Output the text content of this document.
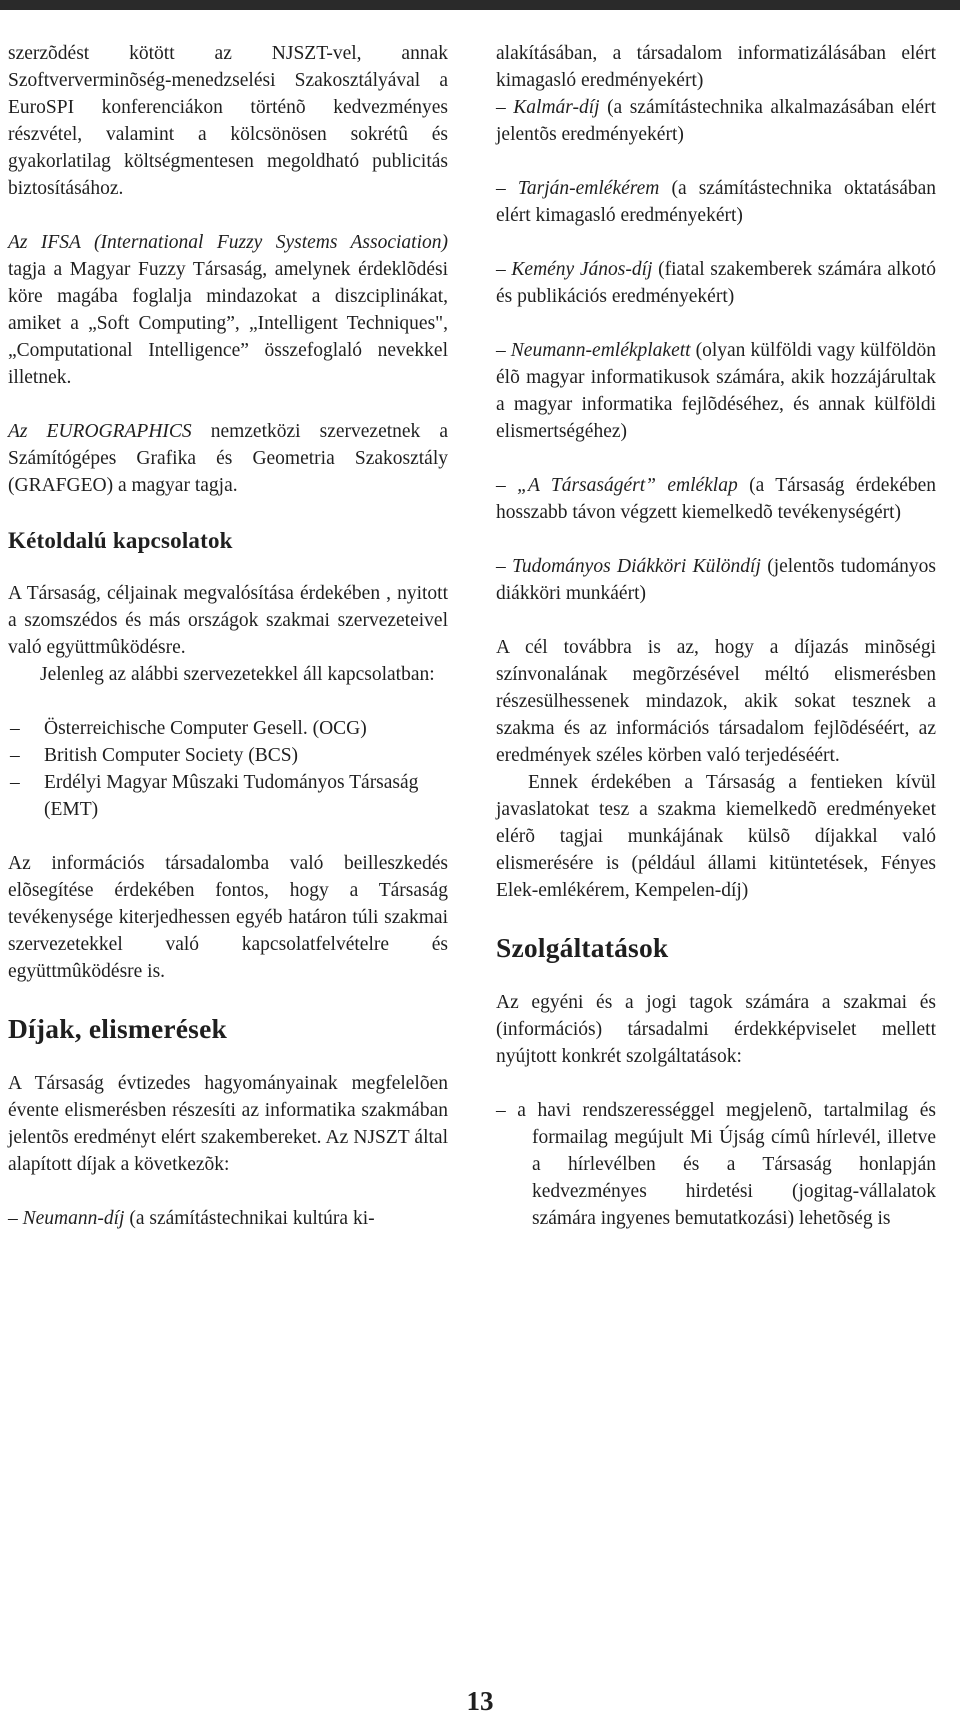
szerzõdést kötött az NJSZT-vel, annak Szoftververminõség-menedzselési Szakosztályával a EuroSPI konferenciákon történõ kedvezményes részvétel, valamint a kölcsönösen sokrétû és gyakorlatilag költségmentesen megoldható publicitás biztosításához.

Az IFSA (International Fuzzy Systems Association) tagja a Magyar Fuzzy Társaság, amelynek érdeklõdési köre magába foglalja mindazokat a diszciplinákat, amiket a „Soft Computing”, „Intelligent Techniques", „Computational Intelligence” összefoglaló nevekkel illetnek.

Az EUROGRAPHICS nemzetközi szervezetnek a Számítógépes Grafika és Geometria Szakosztály (GRAFGEO) a magyar tagja.

Kétoldalú kapcsolatok

A Társaság, céljainak megvalósítása érdekében , nyitott a szomszédos és más országok szakmai szervezeteivel való együttmûködésre.

Jelenleg az alábbi szervezetekkel áll kapcsolatban:

– Österreichische Computer Gesell. (OCG)
– British Computer Society (BCS)
– Erdélyi Magyar Mûszaki Tudományos Társaság (EMT)

Az információs társadalomba való beilleszkedés elõsegítése érdekében fontos, hogy a Társaság tevékenysége kiterjedhessen egyéb határon túli szakmai szervezetekkel való kapcsolatfelvételre és együttmûködésre is.

Díjak, elismerések

A Társaság évtizedes hagyományainak megfelelõen évente elismerésben részesíti az informatika szakmában jelentõs eredményt elért szakembereket. Az NJSZT által alapított díjak a következõk:

– Neumann-díj (a számítástechnikai kultúra ki-

alakításában, a társadalom informatizálásában elért kimagasló eredményekért)

– Kalmár-díj (a számítástechnika alkalmazásában elért jelentõs eredményekért)

– Tarján-emlékérem (a számítástechnika oktatásában elért kimagasló eredményekért)

– Kemény János-díj (fiatal szakemberek számára alkotó és publikációs eredményekért)

– Neumann-emlékplakett (olyan külföldi vagy külföldön élõ magyar informatikusok számára, akik hozzájárultak a magyar informatika fejlõdéséhez, és annak külföldi elismertségéhez)

– „A Társaságért” emléklap (a Társaság érdekében hosszabb távon végzett kiemelkedõ tevékenységért)

– Tudományos Diákköri Különdíj (jelentõs tudományos diákköri munkáért)

A cél továbbra is az, hogy a díjazás minõségi színvonalának megõrzésével méltó elismerésben részesülhessenek mindazok, akik sokat tesznek a szakma és az információs társadalom fejlõdéséért, az eredmények széles körben való terjedéséért.

Ennek érdekében a Társaság a fentieken kívül javaslatokat tesz a szakma kiemelkedõ eredményeket elérõ tagjai munkájának külsõ díjakkal való elismerésére is (például állami kitüntetések, Fényes Elek-emlékérem, Kempelen-díj)

Szolgáltatások

Az egyéni és a jogi tagok számára a szakmai és (információs) társadalmi érdekképviselet mellett nyújtott konkrét szolgáltatások:

– a havi rendszerességgel megjelenõ, tartalmilag és formailag megújult Mi Újság címû hírlevél, illetve a hírlevélben és a Társaság honlapján kedvezményes hirdetési (jogitag-vállalatok számára ingyenes bemutatkozási) lehetõség is

13
